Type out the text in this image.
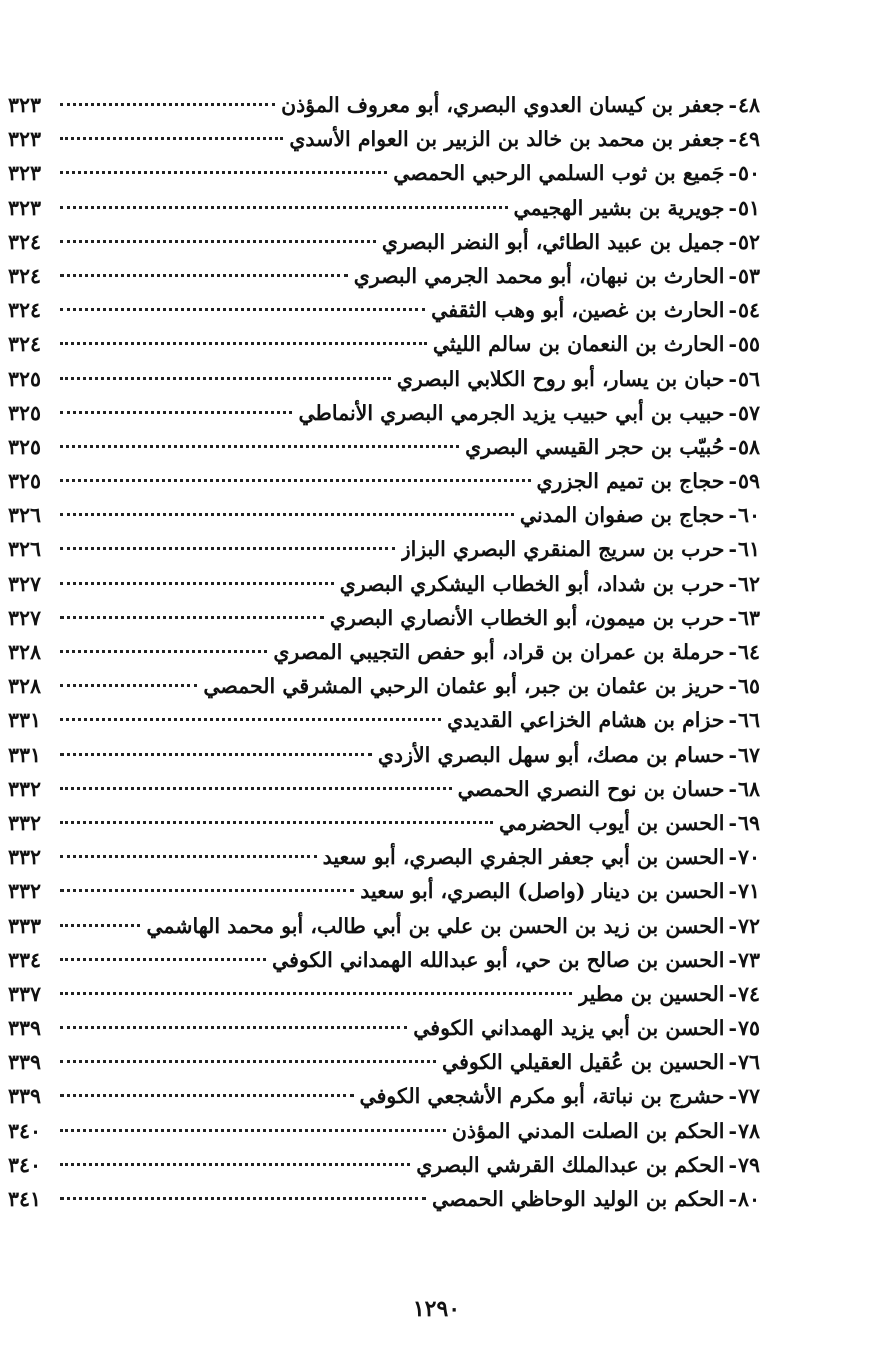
٤٨
-
جعفر بن كيسان العدوي البصري، أبو معروف المؤذن
٣٢٣
٤٩
-
جعفر بن محمد بن خالد بن الزبير بن العوام الأسدي
٣٢٣
٥٠
-
جَميع بن ثوب السلمي الرحبي الحمصي
٣٢٣
٥١
-
جويرية بن بشير الهجيمي
٣٢٣
٥٢
-
جميل بن عبيد الطائي، أبو النضر البصري
٣٢٤
٥٣
-
الحارث بن نبهان، أبو محمد الجرمي البصري
٣٢٤
٥٤
-
الحارث بن غصين، أبو وهب الثقفي
٣٢٤
٥٥
-
الحارث بن النعمان بن سالم الليثي
٣٢٤
٥٦
-
حبان بن يسار، أبو روح الكلابي البصري
٣٢٥
٥٧
-
حبيب بن أبي حبيب يزيد الجرمي البصري الأنماطي
٣٢٥
٥٨
-
حُبيّب بن حجر القيسي البصري
٣٢٥
٥٩
-
حجاج بن تميم الجزري
٣٢٥
٦٠
-
حجاج بن صفوان المدني
٣٢٦
٦١
-
حرب بن سريج المنقري البصري البزاز
٣٢٦
٦٢
-
حرب بن شداد، أبو الخطاب اليشكري البصري
٣٢٧
٦٣
-
حرب بن ميمون، أبو الخطاب الأنصاري البصري
٣٢٧
٦٤
-
حرملة بن عمران بن قراد، أبو حفص التجيبي المصري
٣٢٨
٦٥
-
حريز بن عثمان بن جبر، أبو عثمان الرحبي المشرقي الحمصي
٣٢٨
٦٦
-
حزام بن هشام الخزاعي القديدي
٣٣١
٦٧
-
حسام بن مصك، أبو سهل البصري الأزدي
٣٣١
٦٨
-
حسان بن نوح النصري الحمصي
٣٣٢
٦٩
-
الحسن بن أيوب الحضرمي
٣٣٢
٧٠
-
الحسن بن أبي جعفر الجفري البصري، أبو سعيد
٣٣٢
٧١
-
الحسن بن دينار (واصل) البصري، أبو سعيد
٣٣٢
٧٢
-
الحسن بن زيد بن الحسن بن علي بن أبي طالب، أبو محمد الهاشمي
٣٣٣
٧٣
-
الحسن بن صالح بن حي، أبو عبدالله الهمداني الكوفي
٣٣٤
٧٤
-
الحسين بن مطير
٣٣٧
٧٥
-
الحسن بن أبي يزيد الهمداني الكوفي
٣٣٩
٧٦
-
الحسين بن عُقيل العقيلي الكوفي
٣٣٩
٧٧
-
حشرج بن نباتة، أبو مكرم الأشجعي الكوفي
٣٣٩
٧٨
-
الحكم بن الصلت المدني المؤذن
٣٤٠
٧٩
-
الحكم بن عبدالملك القرشي البصري
٣٤٠
٨٠
-
الحكم بن الوليد الوحاظي الحمصي
٣٤١
١٢٩٠
